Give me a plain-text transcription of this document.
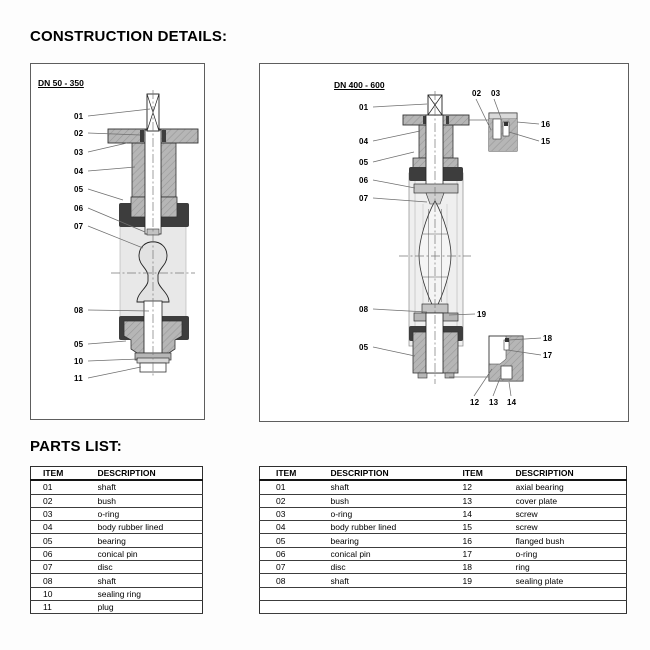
CONSTRUCTION DETAILS:
DN 50 - 350
01
02
03
04
05
06
07
08
05
10
11
DN 400 - 600
01
02 03
16
15
04
05
06
07
08
19
05
18
17
12 13 14
PARTS LIST:
ITEM	DESCRIPTION
01	shaft
02	bush
03	o-ring
04	body rubber lined
05	bearing
06	conical pin
07	disc
08	shaft
10	sealing ring
11	plug
ITEM	DESCRIPTION	ITEM	DESCRIPTION
01	shaft	12	axial bearing
02	bush	13	cover plate
03	o-ring	14	screw
04	body rubber lined	15	screw
05	bearing	16	flanged bush
06	conical pin	17	o-ring
07	disc	18	ring
08	shaft	19	sealing plate
